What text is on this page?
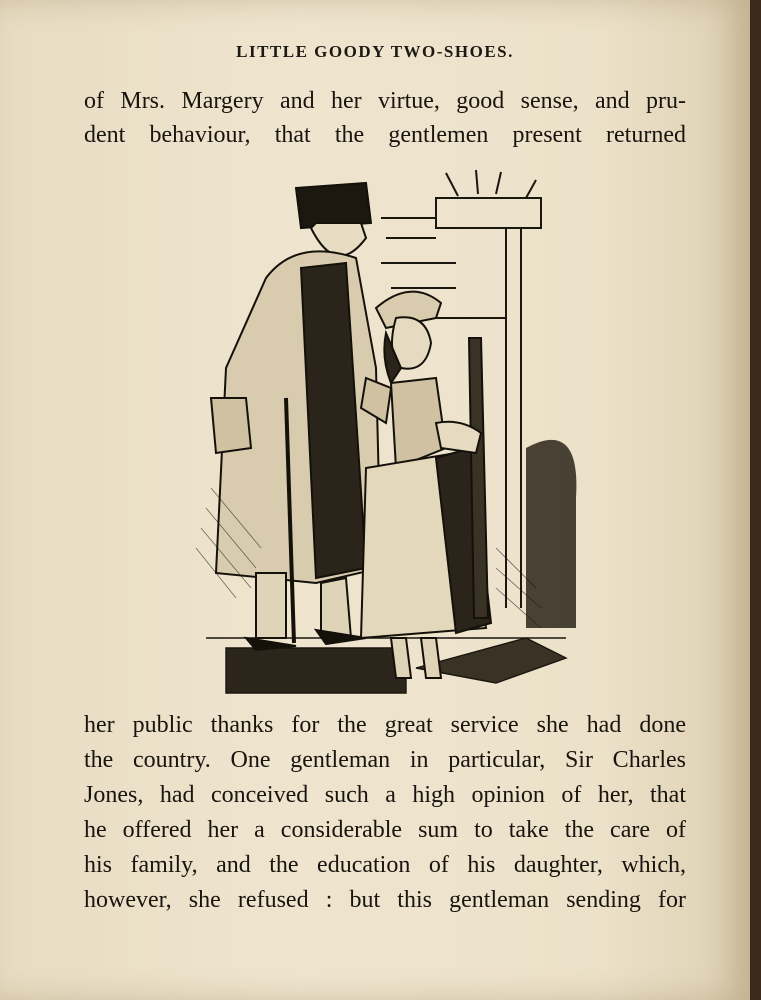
LITTLE GOODY TWO-SHOES.
of Mrs. Margery and her virtue, good sense, and pru-
dent behaviour, that the gentlemen present returned
her public thanks for the great service she had done
the country. One gentleman in particular, Sir Charles
Jones, had conceived such a high opinion of her, that
he offered her a considerable sum to take the care of
his family, and the education of his daughter, which,
however, she refused : but this gentleman sending for
